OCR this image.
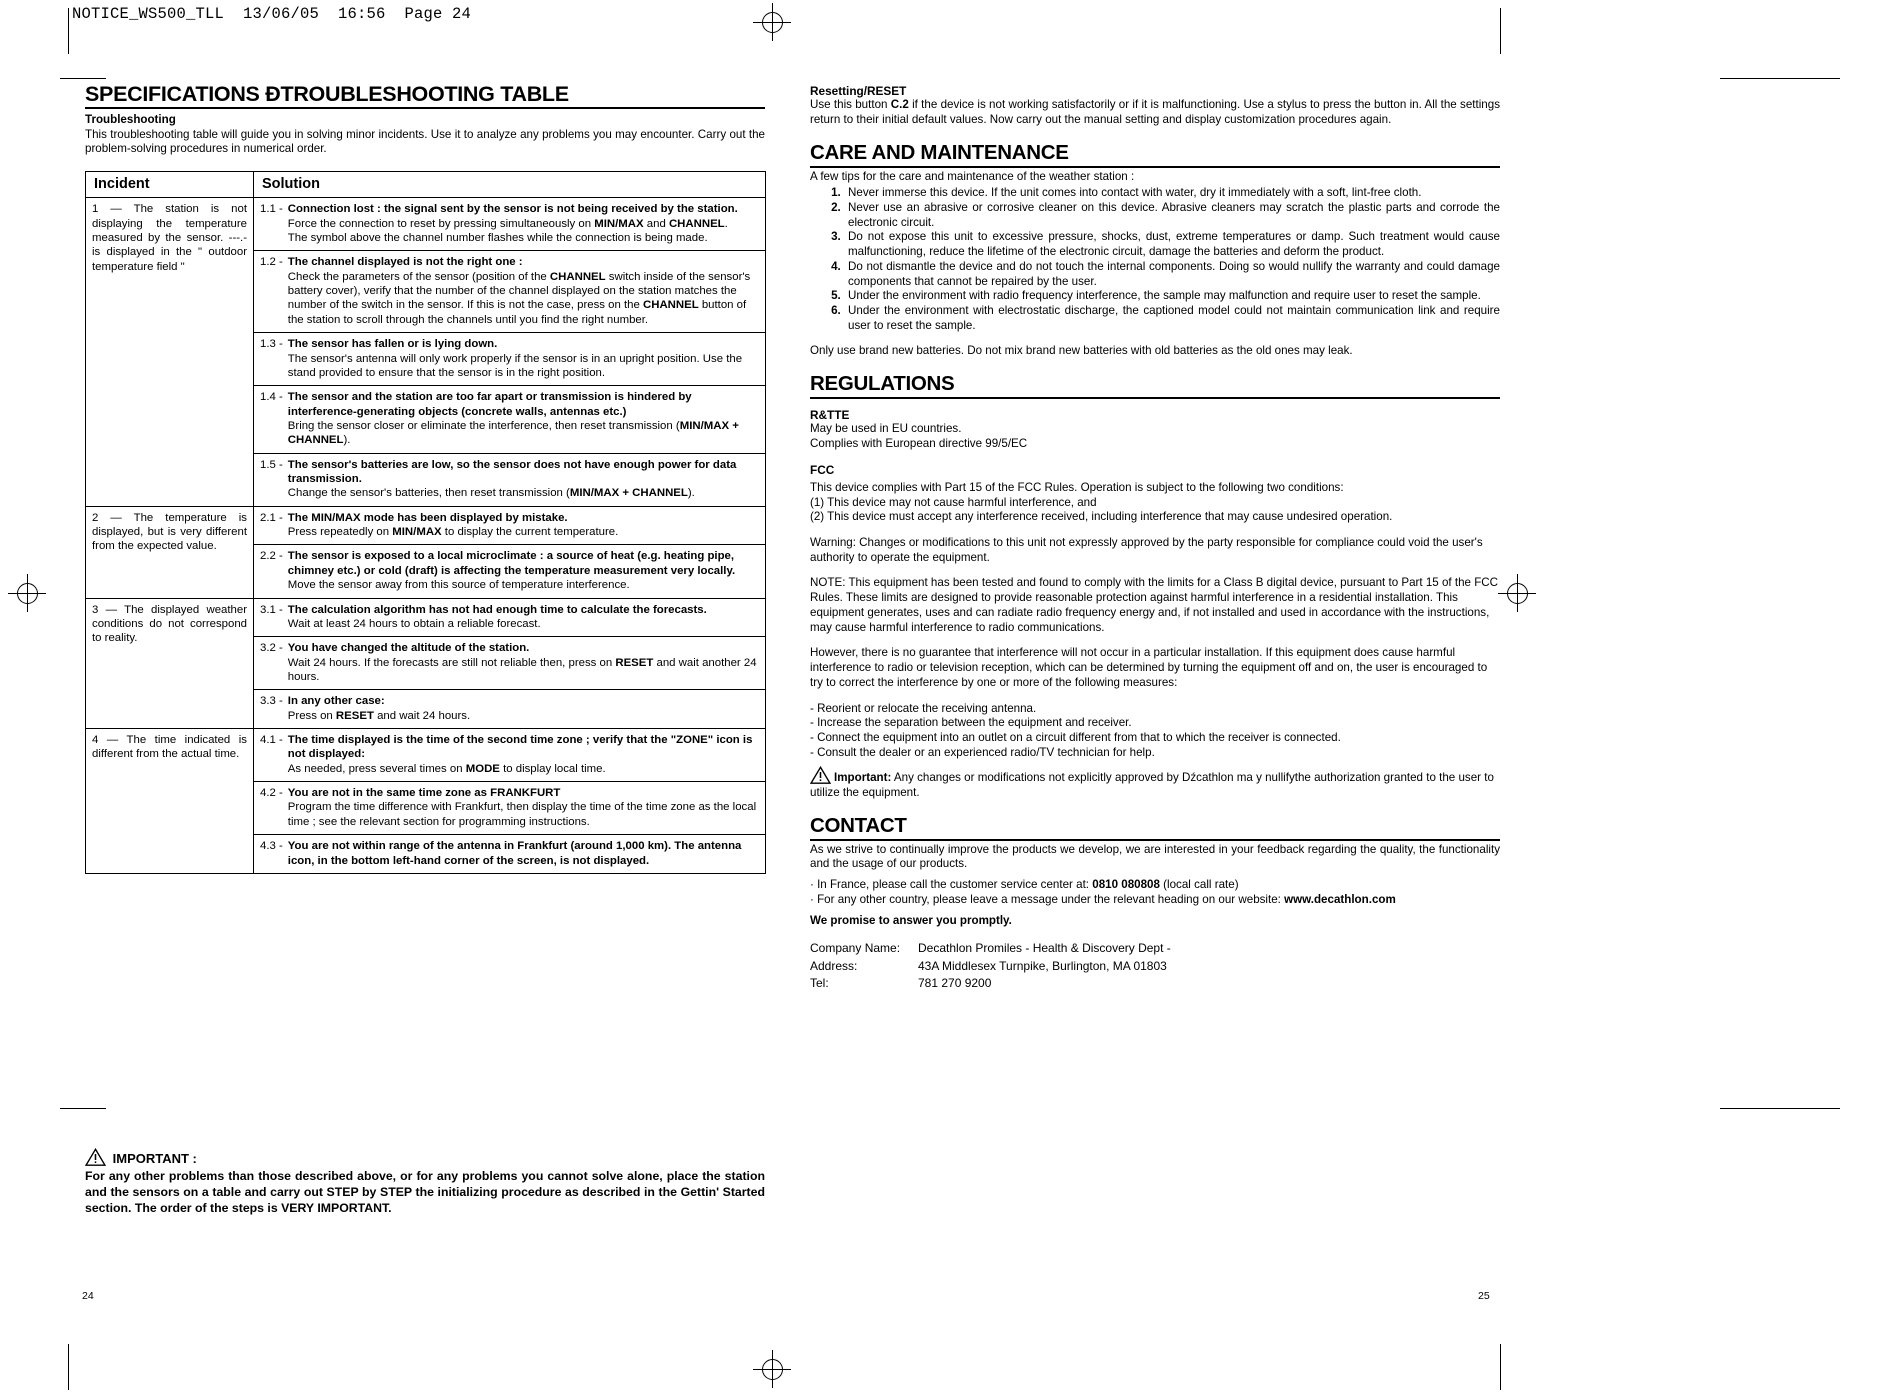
NOTICE_WS500_TLL  13/06/05  16:56  Page 24
SPECIFICATIONS ÐTROUBLESHOOTING TABLE
Troubleshooting

This troubleshooting table will guide you in solving minor incidents. Use it to analyze any problems you may encounter. Carry out the problem-solving procedures in numerical order.

Incident	Solution
1 — The station is not displaying the temperature measured by the sensor. ---.- is displayed in the " outdoor temperature field "	1.1 - Connection lost : the signal sent by the sensor is not being received by the station.
Force the connection to reset by pressing simultaneously on MIN/MAX and CHANNEL.
The symbol above the channel number flashes while the connection is being made.

	1.2 - The channel displayed is not the right one :
Check the parameters of the sensor (position of the CHANNEL switch inside of the sensor's battery cover), verify that the number of the channel displayed on the station matches the number of the switch in the sensor. If this is not the case, press on the CHANNEL button of the station to scroll through the channels until you find the right number.

	1.3 - The sensor has fallen or is lying down.
The sensor's antenna will only work properly if the sensor is in an upright position. Use the stand provided to ensure that the sensor is in the right position.

	1.4 - The sensor and the station are too far apart or transmission is hindered by interference-generating objects (concrete walls, antennas etc.)
Bring the sensor closer or eliminate the interference, then reset transmission (MIN/MAX + CHANNEL).

	1.5 - The sensor's batteries are low, so the sensor does not have enough power for data transmission.
Change the sensor's batteries, then reset transmission (MIN/MAX + CHANNEL).

2 — The temperature is displayed, but is very different from the expected value.	2.1 - The MIN/MAX mode has been displayed by mistake.
Press repeatedly on MIN/MAX to display the current temperature.

	2.2 - The sensor is exposed to a local microclimate : a source of heat (e.g. heating pipe, chimney etc.) or cold (draft) is affecting the temperature measurement very locally.
Move the sensor away from this source of temperature interference.

3 — The displayed weather conditions do not correspond to reality.	3.1 - The calculation algorithm has not had enough time to calculate the forecasts.
Wait at least 24 hours to obtain a reliable forecast.

	3.2 - You have changed the altitude of the station.
Wait 24 hours. If the forecasts are still not reliable then, press on RESET and wait another 24 hours.

	3.3 - In any other case:
Press on RESET and wait 24 hours.

4 — The time indicated is different from the actual time.	4.1 - The time displayed is the time of the second time zone ; verify that the "ZONE" icon is not displayed:
As needed, press several times on MODE to display local time.

	4.2 - You are not in the same time zone as FRANKFURT
Program the time difference with Frankfurt, then display the time of the time zone as the local time ; see the relevant section for programming instructions.

	4.3 - You are not within range of the antenna in Frankfurt (around 1,000 km). The antenna icon, in the bottom left-hand corner of the screen, is not displayed.
IMPORTANT :
For any other problems than those described above, or for any problems you cannot solve alone, place the station and the sensors on a table and carry out STEP by STEP the initializing procedure as described in the Gettin' Started section. The order of the steps is VERY IMPORTANT.
Resetting/RESET

Use this button C.2 if the device is not working satisfactorily or if it is malfunctioning. Use a stylus to press the button in. All the settings return to their initial default values. Now carry out the manual setting and display customization procedures again.

CARE AND MAINTENANCE

A few tips for the care and maintenance of the weather station :

1. Never immerse this device. If the unit comes into contact with water, dry it immediately with a soft, lint-free cloth.
2. Never use an abrasive or corrosive cleaner on this device. Abrasive cleaners may scratch the plastic parts and corrode the electronic circuit.
3. Do not expose this unit to excessive pressure, shocks, dust, extreme temperatures or damp. Such treatment would cause malfunctioning, reduce the lifetime of the electronic circuit, damage the batteries and deform the product.
4. Do not dismantle the device and do not touch the internal components. Doing so would nullify the warranty and could damage components that cannot be repaired by the user.
5. Under the environment with radio frequency interference, the sample may malfunction and require user to reset the sample.
6. Under the environment with electrostatic discharge, the captioned model could not maintain communication link and require user to reset the sample.

Only use brand new batteries. Do not mix brand new batteries with old batteries as the old ones may leak.

REGULATIONS
R&TTE

May be used in EU countries.

Complies with European directive 99/5/EC

FCC

This device complies with Part 15 of the FCC Rules. Operation is subject to the following two conditions:

(1) This device may not cause harmful interference, and

(2) This device must accept any interference received, including interference that may cause undesired operation.

Warning: Changes or modifications to this unit not expressly approved by the party responsible for compliance could void the user's authority to operate the equipment.

NOTE: This equipment has been tested and found to comply with the limits for a Class B digital device, pursuant to Part 15 of the FCC Rules. These limits are designed to provide reasonable protection against harmful interference in a residential installation. This equipment generates, uses and can radiate radio frequency energy and, if not installed and used in accordance with the instructions, may cause harmful interference to radio communications.

However, there is no guarantee that interference will not occur in a particular installation. If this equipment does cause harmful interference to radio or television reception, which can be determined by turning the equipment off and on, the user is encouraged to try to correct the interference by one or more of the following measures:

- Reorient or relocate the receiving antenna.

- Increase the separation between the equipment and receiver.

- Connect the equipment into an outlet on a circuit different from that to which the receiver is connected.

- Consult the dealer or an experienced radio/TV technician for help.

Important: Any changes or modifications not explicitly approved by Dźcathlon ma y nullifythe authorization granted to the user to utilize the equipment.

CONTACT

As we strive to continually improve the products we develop, we are interested in your feedback regarding the quality, the functionality and the usage of our products.

· In France, please call the customer service center at: 0810 080808 (local call rate)

· For any other country, please leave a message under the relevant heading on our website: www.decathlon.com

We promise to answer you promptly.

Company Name:	Decathlon Promiles - Health & Discovery Dept -
Address:	43A Middlesex Turnpike, Burlington, MA 01803
Tel:	781 270 9200
24	25
